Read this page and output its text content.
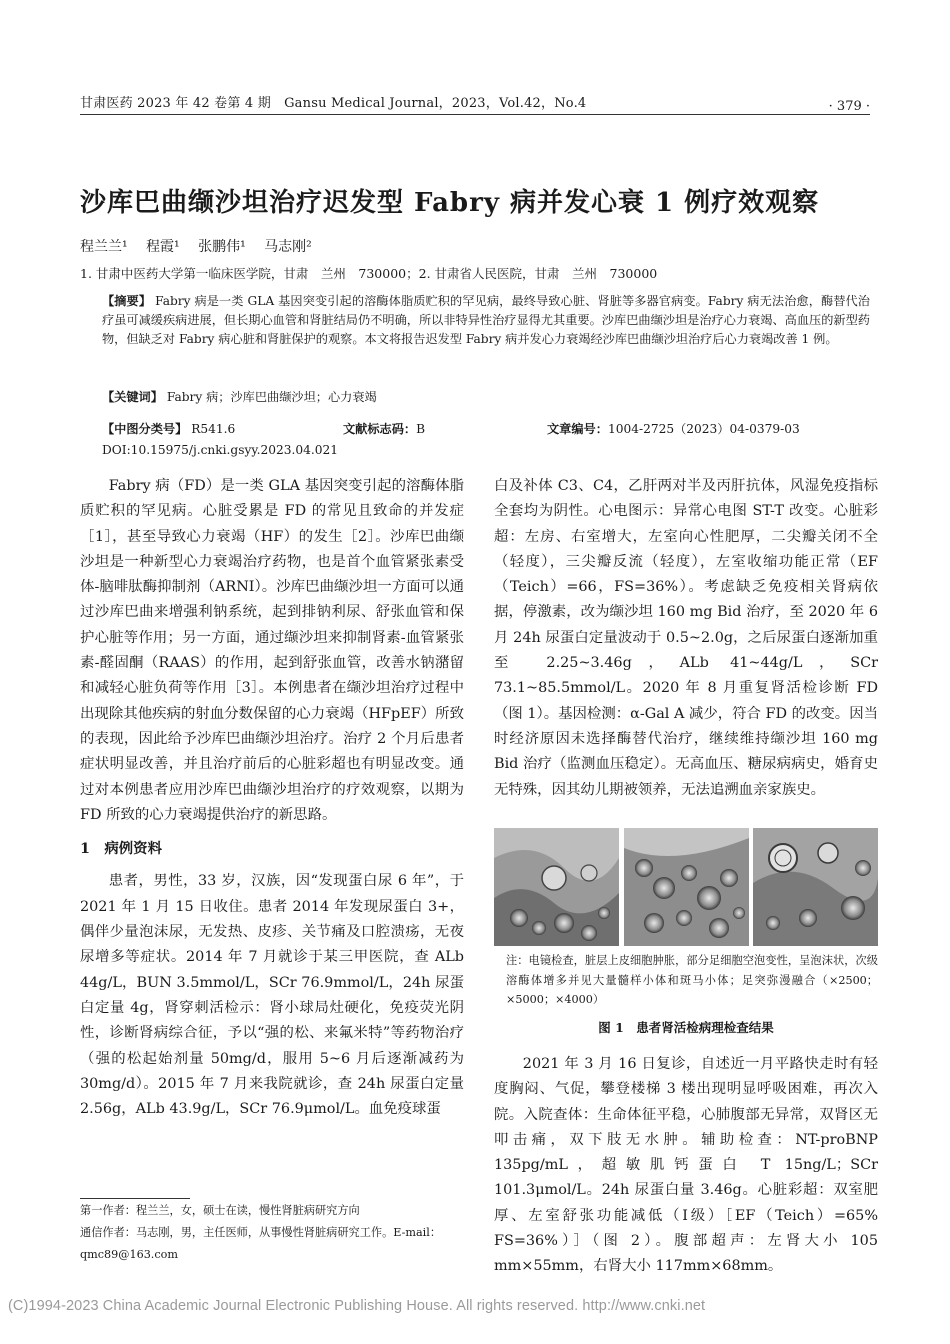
甘肃医药 2023 年 42 卷第 4 期　Gansu Medical Journal，2023，Vol.42，No.4	· 379 ·
沙库巴曲缬沙坦治疗迟发型 Fabry 病并发心衰 1 例疗效观察
程兰兰¹ 程霞¹ 张鹏伟¹ 马志刚²
1. 甘肃中医药大学第一临床医学院，甘肃　兰州　730000；2. 甘肃省人民医院，甘肃　兰州　730000
【摘要】 Fabry 病是一类 GLA 基因突变引起的溶酶体脂质贮积的罕见病，最终导致心脏、肾脏等多器官病变。Fabry 病无法治愈，酶替代治疗虽可减缓疾病进展，但长期心血管和肾脏结局仍不明确，所以非特异性治疗显得尤其重要。沙库巴曲缬沙坦是治疗心力衰竭、高血压的新型药物，但缺乏对 Fabry 病心脏和肾脏保护的观察。本文将报告迟发型 Fabry 病并发心力衰竭经沙库巴曲缬沙坦治疗后心力衰竭改善 1 例。
【关键词】 Fabry 病；沙库巴曲缬沙坦；心力衰竭
【中图分类号】 R541.6	文献标志码：B	文章编号：1004-2725（2023）04-0379-03
DOI:10.15975/j.cnki.gsyy.2023.04.021

Fabry 病（FD）是一类 GLA 基因突变引起的溶酶体脂质贮积的罕见病。心脏受累是 FD 的常见且致命的并发症［1］，甚至导致心力衰竭（HF）的发生［2］。沙库巴曲缬沙坦是一种新型心力衰竭治疗药物，也是首个血管紧张素受体-脑啡肽酶抑制剂（ARNI）。沙库巴曲缬沙坦一方面可以通过沙库巴曲来增强利钠系统，起到排钠利尿、舒张血管和保护心脏等作用；另一方面，通过缬沙坦来抑制肾素-血管紧张素-醛固酮（RAAS）的作用，起到舒张血管，改善水钠潴留和减轻心脏负荷等作用［3］。本例患者在缬沙坦治疗过程中出现除其他疾病的射血分数保留的心力衰竭（HFpEF）所致的表现，因此给予沙库巴曲缬沙坦治疗。治疗 2 个月后患者症状明显改善，并且治疗前后的心脏彩超也有明显改变。通过对本例患者应用沙库巴曲缬沙坦治疗的疗效观察，以期为 FD 所致的心力衰竭提供治疗的新思路。

1　病例资料

患者，男性，33 岁，汉族，因“发现蛋白尿 6 年”，于 2021 年 1 月 15 日收住。患者 2014 年发现尿蛋白 3+，偶伴少量泡沫尿，无发热、皮疹、关节痛及口腔溃疡，无夜尿增多等症状。2014 年 7 月就诊于某三甲医院，查 ALb 44g/L，BUN 3.5mmol/L，SCr 76.9mmol/L，24h 尿蛋白定量 4g，肾穿刺活检示：肾小球局灶硬化，免疫荧光阴性，诊断肾病综合征，予以“强的松、来氟米特”等药物治疗（强的松起始剂量 50mg/d，服用 5~6 月后逐渐减药为 30mg/d）。2015 年 7 月来我院就诊，查 24h 尿蛋白定量 2.56g，ALb 43.9g/L，SCr 76.9μmol/L。血免疫球蛋

白及补体 C3、C4，乙肝两对半及丙肝抗体，风湿免疫指标全套均为阴性。心电图示：异常心电图 ST-T 改变。心脏彩超：左房、右室增大，左室向心性肥厚，二尖瓣关闭不全（轻度），三尖瓣反流（轻度），左室收缩功能正常（EF（Teich）=66，FS=36%）。考虑缺乏免疫相关肾病依据，停激素，改为缬沙坦 160 mg Bid 治疗，至 2020 年 6 月 24h 尿蛋白定量波动于 0.5~2.0g，之后尿蛋白逐渐加重至 2.25~3.46g，ALb 41~44g/L，SCr 73.1~85.5mmol/L。2020 年 8 月重复肾活检诊断 FD（图 1）。基因检测：α-Gal A 减少，符合 FD 的改变。因当时经济原因未选择酶替代治疗，继续维持缬沙坦 160 mg Bid 治疗（监测血压稳定）。无高血压、糖尿病病史，婚育史无特殊，因其幼儿期被领养，无法追溯血亲家族史。

注：电镜检查，脏层上皮细胞肿胀，部分足细胞空泡变性，呈泡沫状，次级溶酶体增多并见大量髓样小体和斑马小体；足突弥漫融合（×2500；×5000；×4000）
图 1　患者肾活检病理检查结果

2021 年 3 月 16 日复诊，自述近一月平路快走时有轻度胸闷、气促，攀登楼梯 3 楼出现明显呼吸困难，再次入院。入院查体：生命体征平稳，心肺腹部无异常，双肾区无叩击痛，双下肢无水肿。辅助检查：NT-proBNP 135pg/mL，超敏肌钙蛋白 T 15ng/L；SCr 101.3μmol/L。24h 尿蛋白量 3.46g。心脏彩超：双室肥厚、左室舒张功能减低（Ⅰ级）［EF（Teich）=65% FS=36%）］（图 2）。腹部超声：左肾大小 105 mm×55mm，右肾大小 117mm×68mm。

第一作者：程兰兰，女，硕士在读，慢性肾脏病研究方向
通信作者：马志刚，男，主任医师，从事慢性肾脏病研究工作。E-mail：qmc89@163.com
(C)1994-2023 China Academic Journal Electronic Publishing House. All rights reserved. http://www.cnki.net
